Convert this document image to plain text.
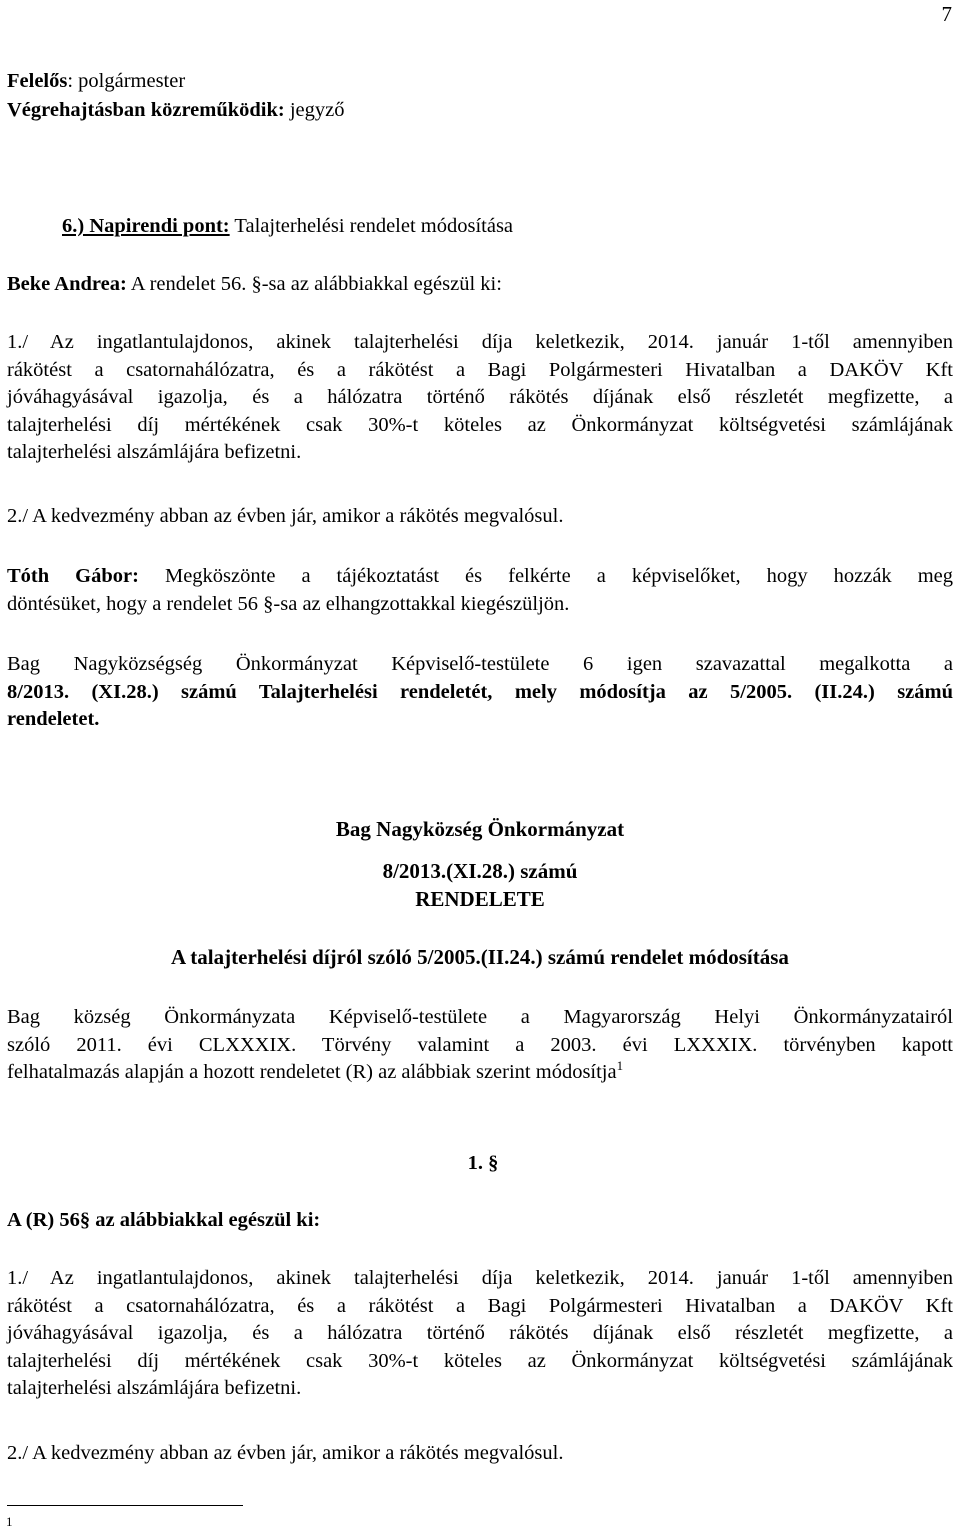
7
Felelős: polgármester
Végrehajtásban közreműködik: jegyző
6.) Napirendi pont: Talajterhelési rendelet módosítása
Beke Andrea: A rendelet 56. §-sa az alábbiakkal egészül ki:
1./ Az ingatlantulajdonos, akinek talajterhelési díja keletkezik, 2014. január 1-től amennyiben
rákötést a csatornahálózatra, és a rákötést a Bagi Polgármesteri Hivatalban a DAKÖV Kft
jóváhagyásával igazolja, és a hálózatra történő rákötés díjának első részletét megfizette, a
talajterhelési díj mértékének csak 30%-t köteles az Önkormányzat költségvetési számlájának
talajterhelési alszámlájára befizetni.
2./ A kedvezmény abban az évben jár, amikor a rákötés megvalósul.
Tóth Gábor: Megköszönte a tájékoztatást és felkérte a képviselőket, hogy hozzák meg
döntésüket, hogy a rendelet 56 §-sa az elhangzottakkal kiegészüljön.
Bag Nagyközségség Önkormányzat Képviselő-testülete 6 igen szavazattal megalkotta a
8/2013. (XI.28.) számú Talajterhelési rendeletét, mely módosítja az 5/2005. (II.24.) számú
rendeletet.
Bag Nagyközség Önkormányzat
8/2013.(XI.28.) számú
RENDELETE
A talajterhelési díjról szóló 5/2005.(II.24.) számú rendelet módosítása
Bag község Önkormányzata Képviselő-testülete a Magyarország Helyi Önkormányzatairól
szóló 2011. évi CLXXXIX. Törvény valamint a 2003. évi LXXXIX. törvényben kapott
felhatalmazás alapján a hozott rendeletet (R) az alábbiak szerint módosítja$^1$
1. §
A (R) 56§ az alábbiakkal egészül ki:
1./ Az ingatlantulajdonos, akinek talajterhelési díja keletkezik, 2014. január 1-től amennyiben
rákötést a csatornahálózatra, és a rákötést a Bagi Polgármesteri Hivatalban a DAKÖV Kft
jóváhagyásával igazolja, és a hálózatra történő rákötés díjának első részletét megfizette, a
talajterhelési díj mértékének csak 30%-t köteles az Önkormányzat költségvetési számlájának
talajterhelési alszámlájára befizetni.
2./ A kedvezmény abban az évben jár, amikor a rákötés megvalósul.
1
